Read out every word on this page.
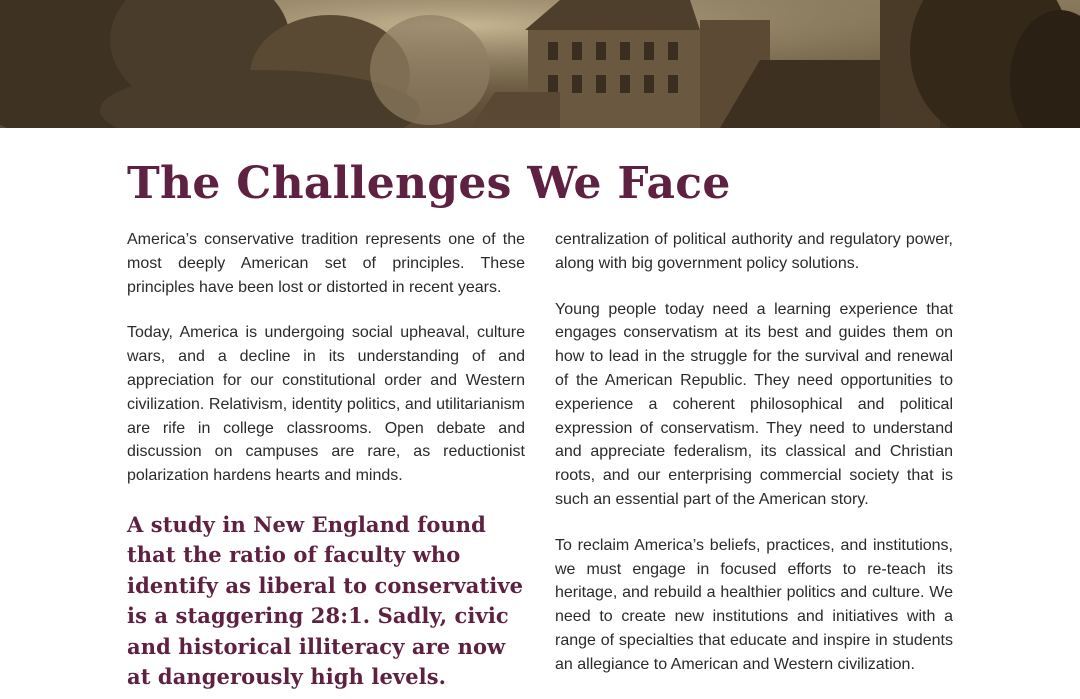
The Challenges We Face

America’s conservative tradition represents one of the most deeply American set of principles. These principles have been lost or distorted in recent years.

Today, America is undergoing social upheaval, culture wars, and a decline in its understanding of and appreciation for our constitutional order and Western civilization. Relativism, identity politics, and utilitarianism are rife in college classrooms. Open debate and discussion on campuses are rare, as reductionist polarization hardens hearts and minds.

A study in New England found that the ratio of faculty who identify as liberal to conservative is a staggering 28:1. Sadly, civic and historical illiteracy are now at dangerously high levels.

centralization of political authority and regulatory power, along with big government policy solutions.

Young people today need a learning experience that engages conservatism at its best and guides them on how to lead in the struggle for the survival and renewal of the American Republic. They need opportunities to experience a coherent philosophical and political expression of conservatism. They need to understand and appreciate federalism, its classical and Christian roots, and our enterprising commercial society that is such an essential part of the American story.

To reclaim America’s beliefs, practices, and institutions, we must engage in focused efforts to re-teach its heritage, and rebuild a healthier politics and culture. We need to create new institutions and initiatives with a range of specialties that educate and inspire in students an allegiance to American and Western civilization.
